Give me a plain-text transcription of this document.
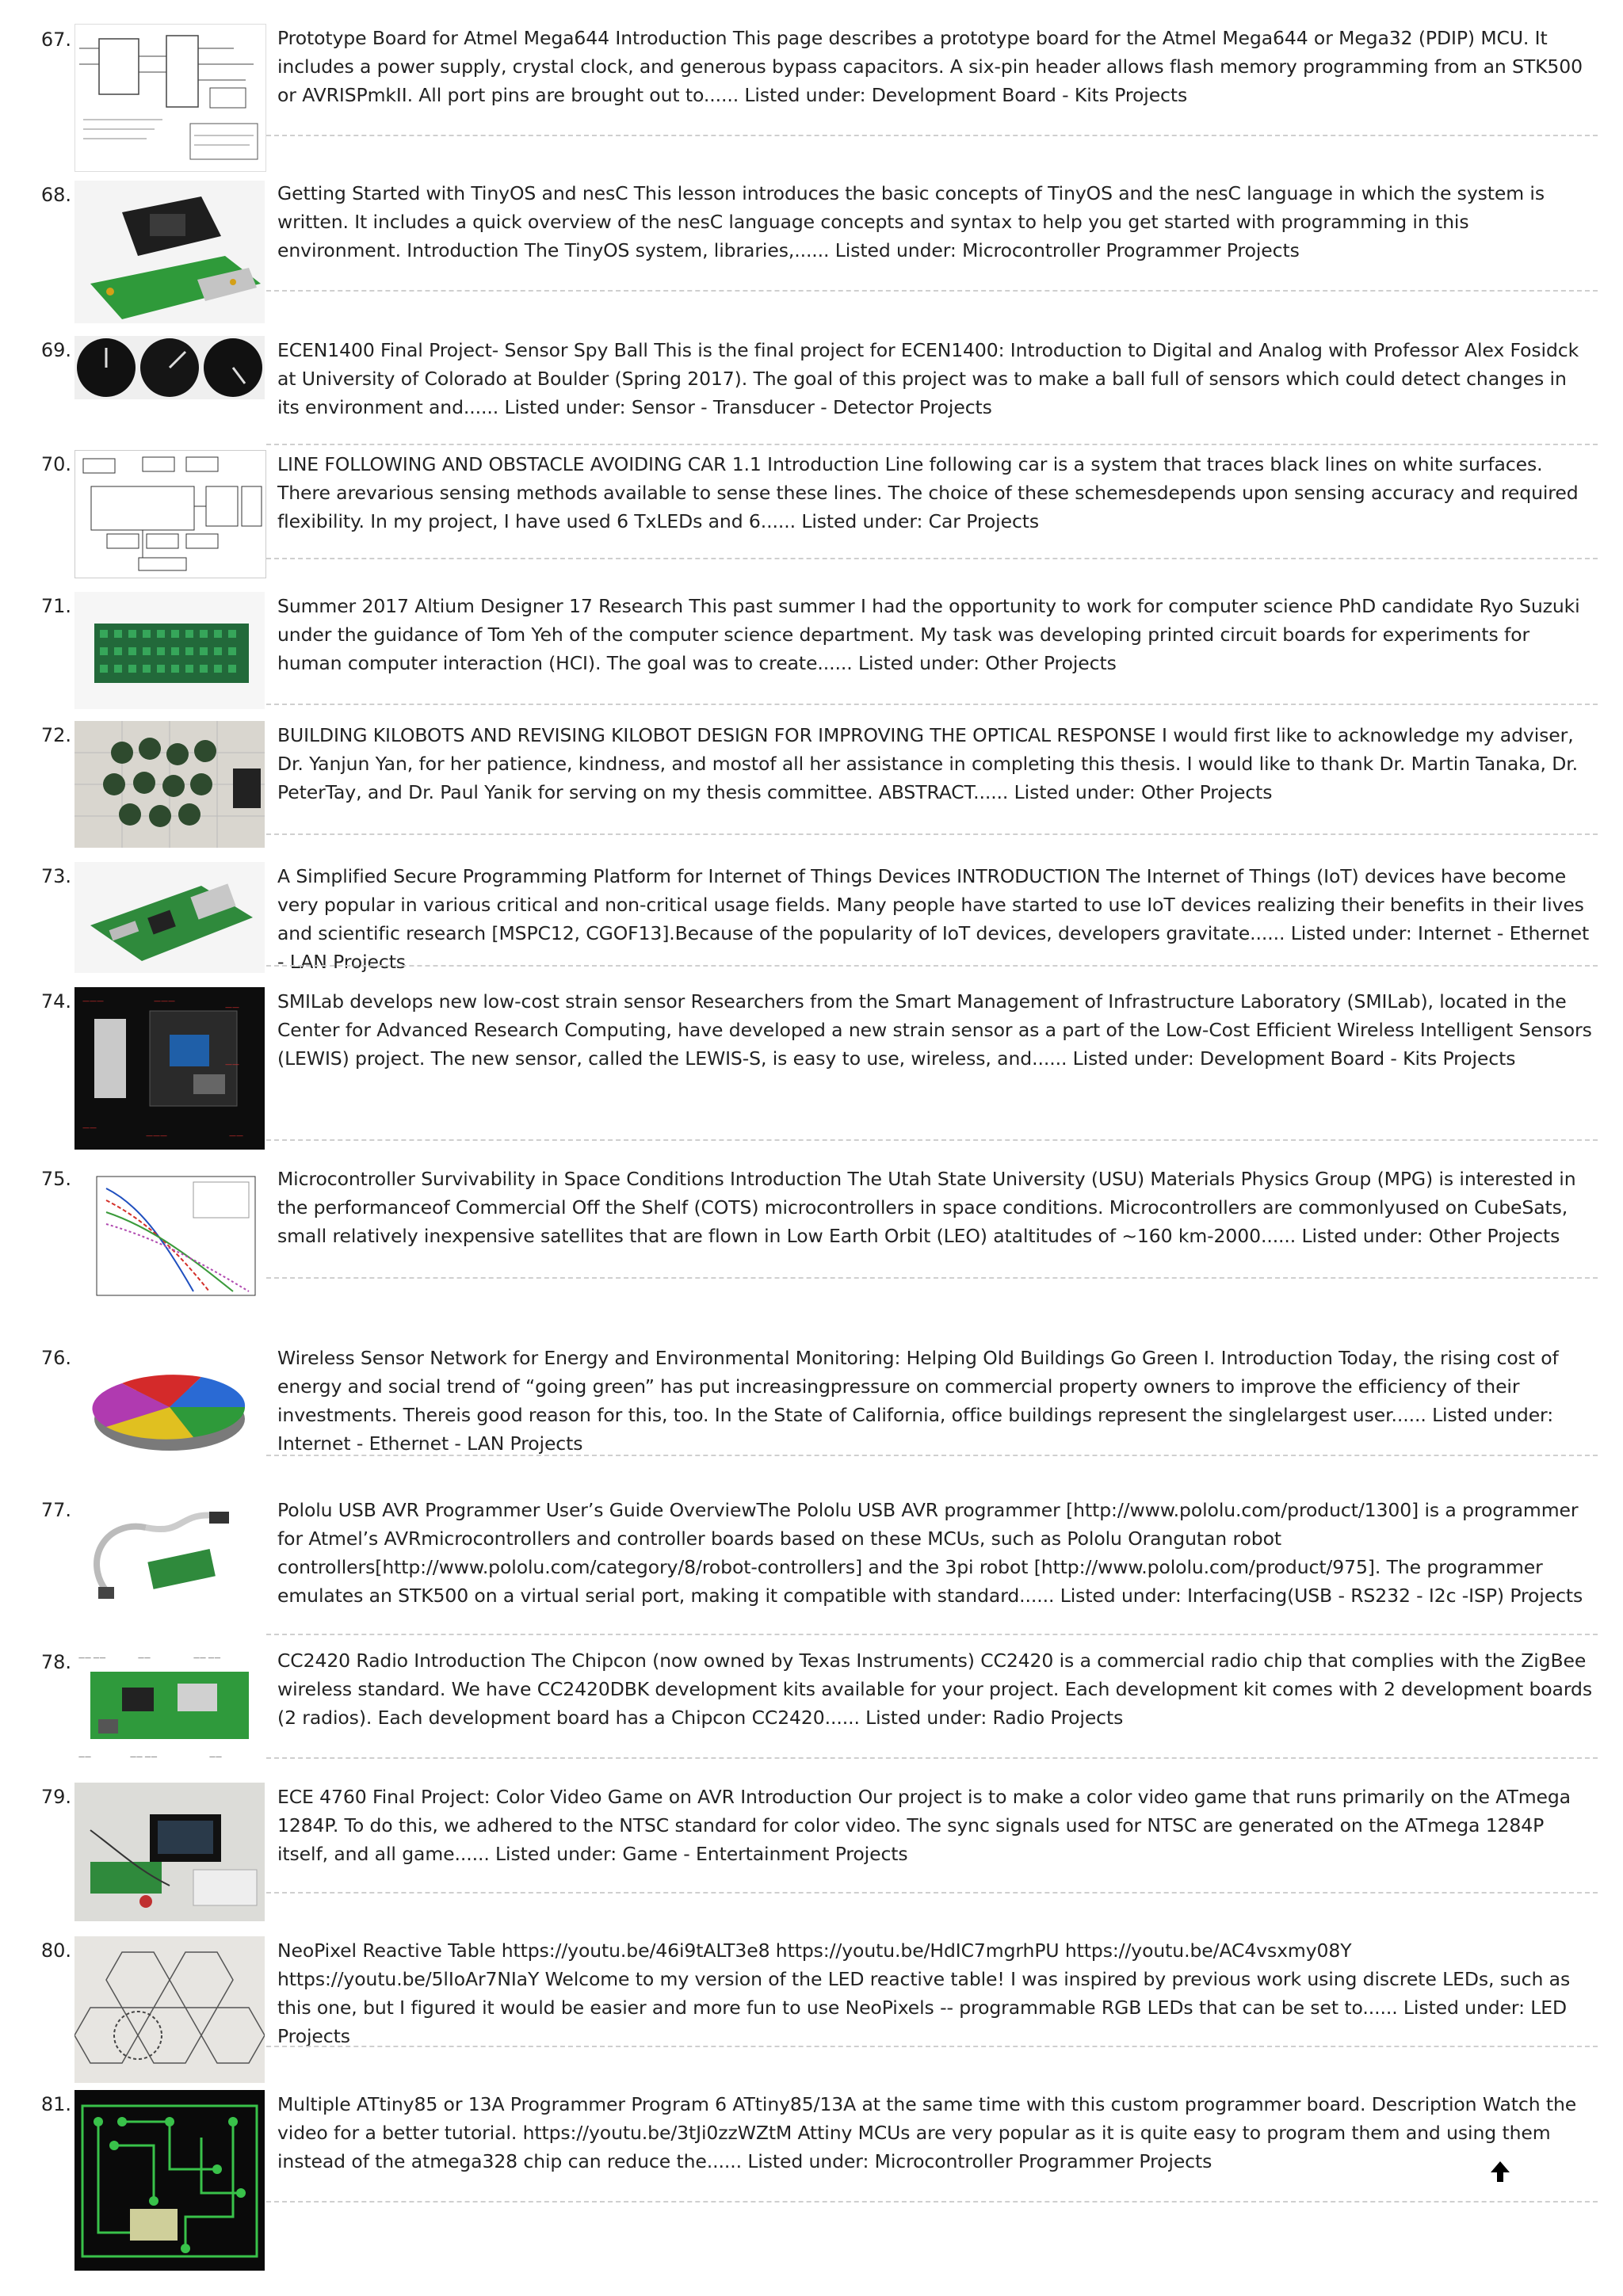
67.	Prototype Board for Atmel Mega644 Introduction This page describes a prototype board for the Atmel Mega644 or Mega32 (PDIP) MCU. It includes a power supply, crystal clock, and generous bypass capacitors. A six-pin header allows flash memory programming from an STK500 or AVRISPmkII. All port pins are brought out to...... Listed under: Development Board - Kits Projects

68.	Getting Started with TinyOS and nesC This lesson introduces the basic concepts of TinyOS and the nesC language in which the system is written. It includes a quick overview of the nesC language concepts and syntax to help you get started with programming in this environment. Introduction The TinyOS system, libraries,...... Listed under: Microcontroller Programmer Projects

69.	ECEN1400 Final Project- Sensor Spy Ball This is the final project for ECEN1400: Introduction to Digital and Analog with Professor Alex Fosidck at University of Colorado at Boulder (Spring 2017). The goal of this project was to make a ball full of sensors which could detect changes in its environment and...... Listed under: Sensor - Transducer - Detector Projects

70.	LINE FOLLOWING AND OBSTACLE AVOIDING CAR 1.1 Introduction Line following car is a system that traces black lines on white surfaces. There arevarious sensing methods available to sense these lines. The choice of these schemesdepends upon sensing accuracy and required flexibility. In my project, I have used 6 TxLEDs and 6...... Listed under: Car Projects

71.	Summer 2017 Altium Designer 17 Research This past summer I had the opportunity to work for computer science PhD candidate Ryo Suzuki under the guidance of Tom Yeh of the computer science department. My task was developing printed circuit boards for experiments for human computer interaction (HCI). The goal was to create...... Listed under: Other Projects

72.	BUILDING KILOBOTS AND REVISING KILOBOT DESIGN FOR IMPROVING THE OPTICAL RESPONSE I would first like to acknowledge my adviser, Dr. Yanjun Yan, for her patience, kindness, and mostof all her assistance in completing this thesis. I would like to thank Dr. Martin Tanaka, Dr. PeterTay, and Dr. Paul Yanik for serving on my thesis committee. ABSTRACT...... Listed under: Other Projects

73.	A Simplified Secure Programming Platform for Internet of Things Devices INTRODUCTION The Internet of Things (IoT) devices have become very popular in various critical and non-critical usage fields. Many people have started to use IoT devices realizing their benefits in their lives and scientific research [MSPC12, CGOF13].Because of the popularity of IoT devices, developers gravitate...... Listed under: Internet - Ethernet - LAN Projects

74. ———	———
——
——
——
———	——

SMILab develops new low-cost strain sensor Researchers from the Smart Management of Infrastructure Laboratory (SMILab), located in the Center for Advanced Research Computing, have developed a new strain sensor as a part of the Low-Cost Efficient Wireless Intelligent Sensors (LEWIS) project. The new sensor, called the LEWIS-S, is easy to use, wireless, and...... Listed under: Development Board - Kits Projects

75.	Microcontroller Survivability in Space Conditions Introduction The Utah State University (USU) Materials Physics Group (MPG) is interested in the performanceof Commercial Off the Shelf (COTS) microcontrollers in space conditions. Microcontrollers are commonlyused on CubeSats, small relatively inexpensive satellites that are flown in Low Earth Orbit (LEO) ataltitudes of ~160 km-2000...... Listed under: Other Projects

76.	Wireless Sensor Network for Energy and Environmental Monitoring: Helping Old Buildings Go Green I. Introduction Today, the rising cost of energy and social trend of “going green” has put increasingpressure on commercial property owners to improve the efficiency of their investments. Thereis good reason for this, too. In the State of California, office buildings represent the singlelargest user...... Listed under: Internet - Ethernet - LAN Projects

77.	Pololu USB AVR Programmer User’s Guide OverviewThe Pololu USB AVR programmer [http://www.pololu.com/product/1300] is a programmer for Atmel’s AVRmicrocontrollers and controller boards based on these MCUs, such as Pololu Orangutan robot controllers[http://www.pololu.com/category/8/robot-controllers] and the 3pi robot [http://www.pololu.com/product/975]. The programmer emulates an STK500 on a virtual serial port, making it compatible with standard...... Listed under: Interfacing(USB - RS232 - I2c -ISP) Projects

78. —— ——	——	—— ——
——	—— ——	——

CC2420 Radio Introduction The Chipcon (now owned by Texas Instruments) CC2420 is a commercial radio chip that complies with the ZigBee wireless standard. We have CC2420DBK development kits available for your project. Each development kit comes with 2 development boards (2 radios). Each development board has a Chipcon CC2420...... Listed under: Radio Projects

79.	ECE 4760 Final Project: Color Video Game on AVR Introduction Our project is to make a color video game that runs primarily on the ATmega 1284P. To do this, we adhered to the NTSC standard for color video. The sync signals used for NTSC are generated on the ATmega 1284P itself, and all game...... Listed under: Game - Entertainment Projects

80.	NeoPixel Reactive Table https://youtu.be/46i9tALT3e8 https://youtu.be/HdIC7mgrhPU https://youtu.be/AC4vsxmy08Y https://youtu.be/5lIoAr7NIaY Welcome to my version of the LED reactive table! I was inspired by previous work using discrete LEDs, such as this one, but I figured it would be easier and more fun to use NeoPixels -- programmable RGB LEDs that can be set to...... Listed under: LED Projects

81.	Multiple ATtiny85 or 13A Programmer Program 6 ATtiny85/13A at the same time with this custom programmer board. Description Watch the video for a better tutorial. https://youtu.be/3tJi0zzWZtM Attiny MCUs are very popular as it is quite easy to program them and using them instead of the atmega328 chip can reduce the...... Listed under: Microcontroller Programmer Projects
